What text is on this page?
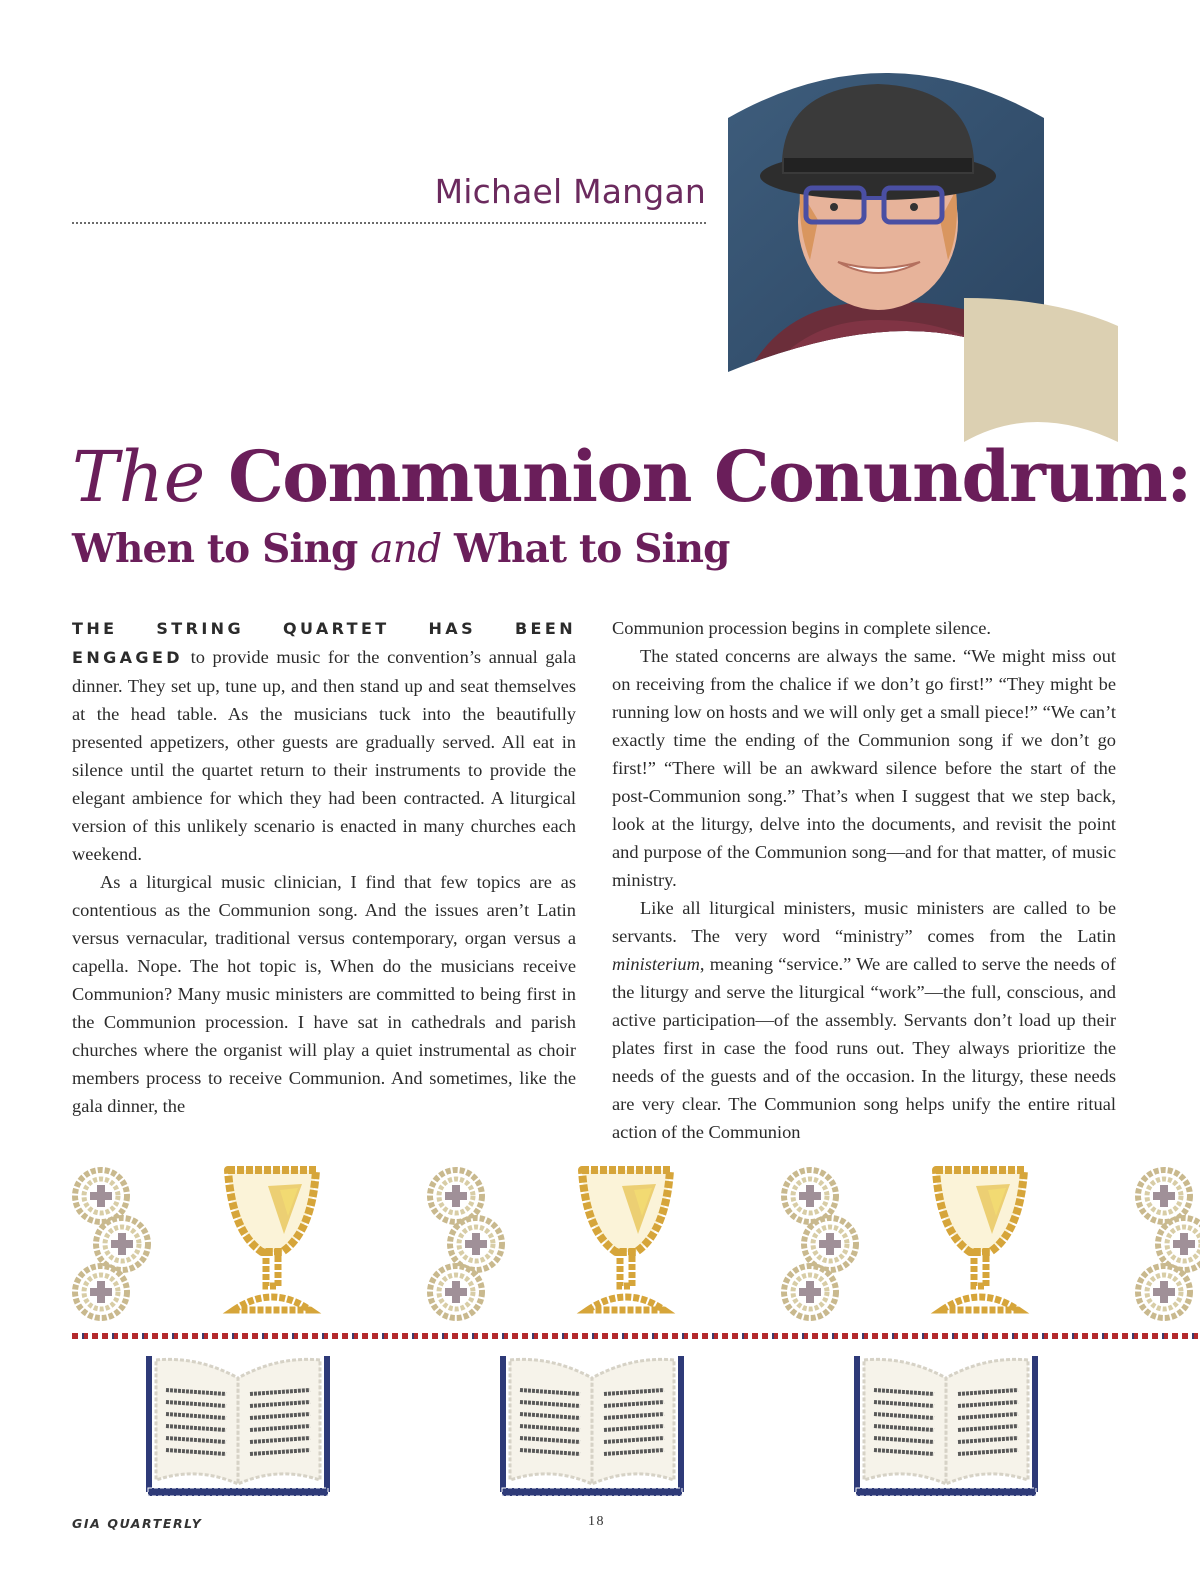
Michael Mangan
The Communion Conundrum:
When to Sing and What to Sing

THE STRING QUARTET HAS BEEN ENGAGED to provide music for the convention’s annual gala dinner. They set up, tune up, and then stand up and seat themselves at the head table. As the musicians tuck into the beautifully presented appetizers, other guests are gradually served. All eat in silence until the quartet return to their instruments to provide the elegant ambience for which they had been contracted. A liturgical version of this unlikely scenario is enacted in many churches each weekend.

As a liturgical music clinician, I find that few topics are as contentious as the Communion song. And the issues aren’t Latin versus vernacular, traditional versus contemporary, organ versus a capella. Nope. The hot topic is, When do the musicians receive Communion? Many music ministers are committed to being first in the Communion procession. I have sat in cathedrals and parish churches where the organist will play a quiet instrumental as choir members process to receive Communion. And sometimes, like the gala dinner, the

Communion procession begins in complete silence.

The stated concerns are always the same. “We might miss out on receiving from the chalice if we don’t go first!” “They might be running low on hosts and we will only get a small piece!” “We can’t exactly time the ending of the Communion song if we don’t go first!” “There will be an awkward silence before the start of the post-Communion song.” That’s when I suggest that we step back, look at the liturgy, delve into the documents, and revisit the point and purpose of the Communion song—and for that matter, of music ministry.

Like all liturgical ministers, music ministers are called to be servants. The very word “ministry” comes from the Latin ministerium, meaning “service.” We are called to serve the needs of the liturgy and serve the liturgical “work”—the full, conscious, and active participation—of the assembly. Servants don’t load up their plates first in case the food runs out. They always prioritize the needs of the guests and of the occasion. In the liturgy, these needs are very clear. The Communion song helps unify the entire ritual action of the Communion

GIA QUARTERLY	18
